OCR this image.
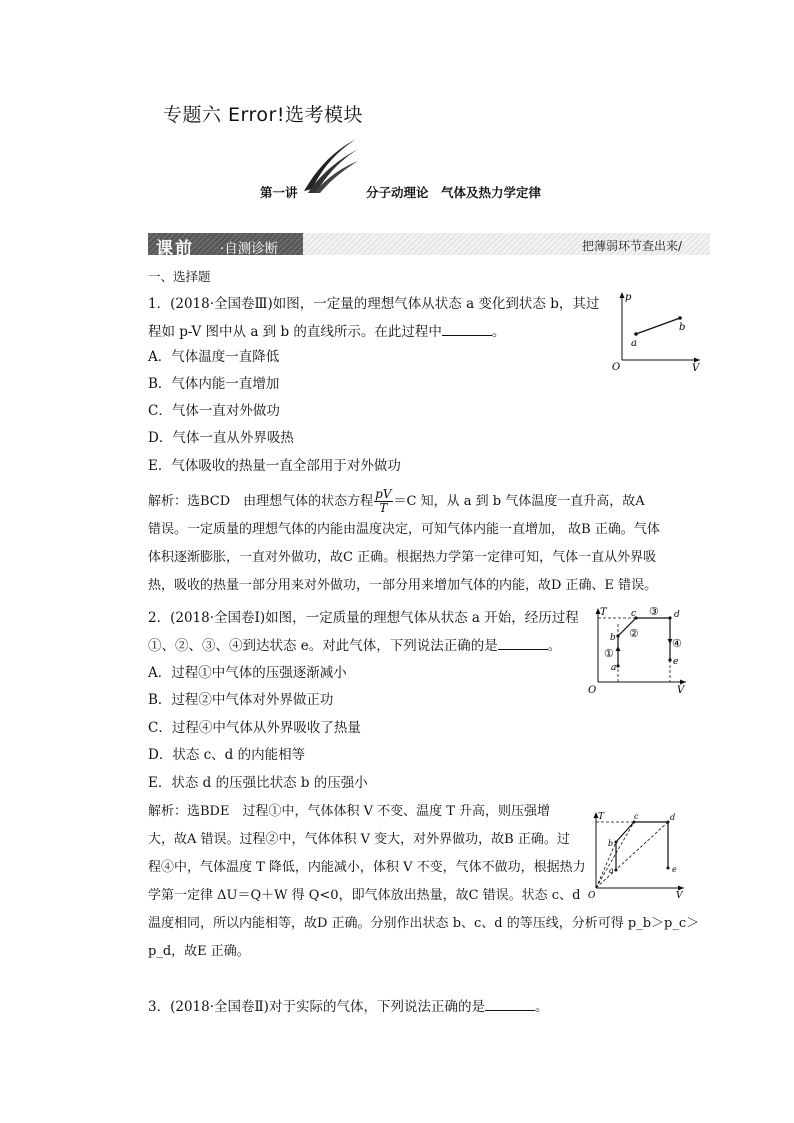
专题六 Error!选考模块
第一讲	分子动理论　气体及热力学定律
课前 ·自测诊断	把薄弱环节查出来/
一、选择题
1．(2018·全国卷Ⅲ)如图，一定量的理想气体从状态 a 变化到状态 b，其过
程如 p-V 图中从 a 到 b 的直线所示。在此过程中	。
A．气体温度一直降低
B．气体内能一直增加
C．气体一直对外做功
D．气体一直从外界吸热
E．气体吸收的热量一直全部用于对外做功
p
V
O
a
b
解析：选BCD　由理想气体的状态方程 $\frac{pV}{T} =C$ 知，从 a 到 b 气体温度一直升高，故A
错误。一定质量的理想气体的内能由温度决定，可知气体内能一直增加， 故B 正确。气体
体积逐渐膨胀，一直对外做功，故C 正确。根据热力学第一定律可知，气体一直从外界吸
热，吸收的热量一部分用来对外做功，一部分用来增加气体的内能，故D 正确、E 错误。
2．(2018·全国卷Ⅰ)如图，一定质量的理想气体从状态 a 开始，经历过程
①、②、③、④到达状态 e。对此气体，下列说法正确的是	。
A．过程①中气体的压强逐渐减小
B．过程②中气体对外界做正功
C．过程④中气体从外界吸收了热量
D．状态 c、d 的内能相等
E．状态 d 的压强比状态 b 的压强小
T
V
O
a
b
c	d
e
①
②
③
④
解析：选BDE　过程①中，气体体积 V 不变、温度 T 升高，则压强增
大，故A 错误。过程②中，气体体积 V 变大，对外界做功，故B 正确。过
程④中，气体温度 T 降低，内能减小，体积 V 不变，气体不做功，根据热力
学第一定律 ΔU＝Q＋W 得 Q<0，即气体放出热量，故C 错误。状态 c、d
温度相同，所以内能相等，故D 正确。分别作出状态 b、c、d 的等压线，分析可得 p_b＞p_c＞
p_d，故E 正确。
T
V
O
a
b
c	d
e
3．(2018·全国卷Ⅱ)对于实际的气体，下列说法正确的是	。
